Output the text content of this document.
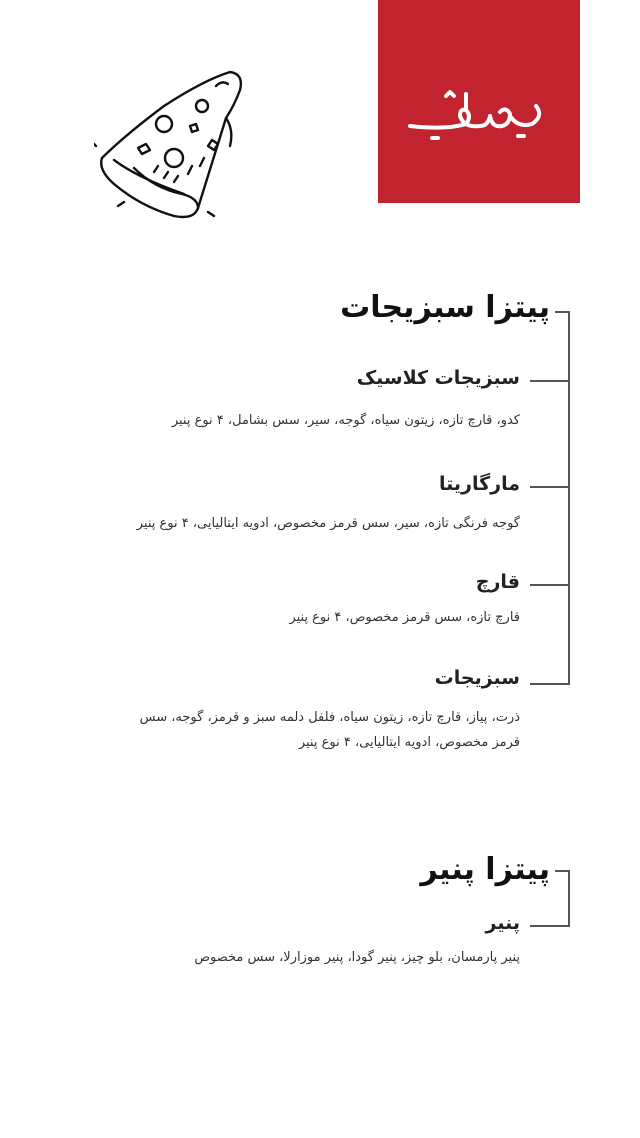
پیتزا سبزیجات
سبزیجات کلاسیک
کدو، قارچ تازه، زیتون سیاه، گوجه، سیر، سس بشامل، ۴ نوع پنیر
مارگاریتا
گوجه فرنگی تازه، سیر، سس قرمز مخصوص، ادویه ایتالیایی، ۴ نوع پنیر
قارچ
قارچ تازه، سس قرمز مخصوص، ۴ نوع پنیر
سبزیجات
ذرت، پیاز، قارچ تازه، زیتون سیاه، فلفل دلمه سبز و قرمز، گوجه، سس قرمز مخصوص، ادویه ایتالیایی، ۴ نوع پنیر
پیتزا پنیر
پنیر
پنیر پارمسان، بلو چیز، پنیر گودا، پنیر موزارلا، سس مخصوص
